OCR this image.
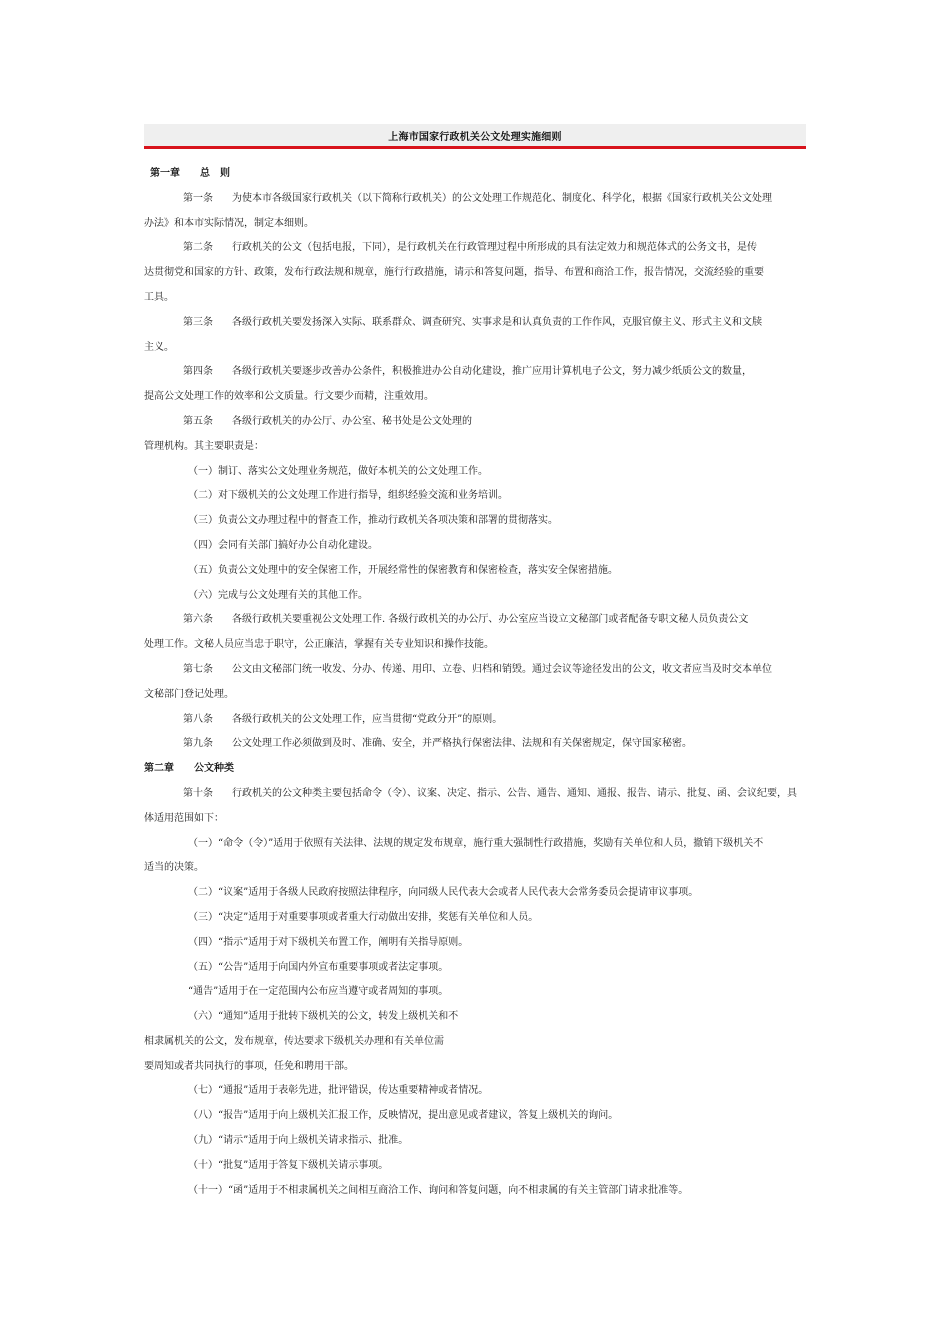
上海市国家行政机关公文处理实施细则

第一章 总　则

第一条 为使本市各级国家行政机关（以下简称行政机关）的公文处理工作规范化、制度化、科学化，根据《国家行政机关公文处理

办法》和本市实际情况，制定本细则。

第二条 行政机关的公文（包括电报，下同），是行政机关在行政管理过程中所形成的具有法定效力和规范体式的公务文书，是传

达贯彻党和国家的方针、政策，发布行政法规和规章，施行行政措施，请示和答复问题，指导、布置和商洽工作，报告情况，交流经验的重要

工具。

第三条 各级行政机关要发扬深入实际、联系群众、调查研究、实事求是和认真负责的工作作风，克服官僚主义、形式主义和文牍

主义。

第四条 各级行政机关要逐步改善办公条件，积极推进办公自动化建设，推广应用计算机电子公文，努力减少纸质公文的数量，

提高公文处理工作的效率和公文质量。行文要少而精，注重效用。

第五条 各级行政机关的办公厅、办公室、秘书处是公文处理的

管理机构。其主要职责是：

（一）制订、落实公文处理业务规范，做好本机关的公文处理工作。

（二）对下级机关的公文处理工作进行指导，组织经验交流和业务培训。

（三）负责公文办理过程中的督查工作，推动行政机关各项决策和部署的贯彻落实。

（四）会同有关部门搞好办公自动化建设。

（五）负责公文处理中的安全保密工作，开展经常性的保密教育和保密检查，落实安全保密措施。

（六）完成与公文处理有关的其他工作。

第六条 各级行政机关要重视公文处理工作. 各级行政机关的办公厅、办公室应当设立文秘部门或者配备专职文秘人员负责公文

处理工作。文秘人员应当忠于职守，公正廉洁，掌握有关专业知识和操作技能。

第七条 公文由文秘部门统一收发、分办、传递、用印、立卷、归档和销毁。通过会议等途径发出的公文，收文者应当及时交本单位

文秘部门登记处理。

第八条 各级行政机关的公文处理工作，应当贯彻“党政分开”的原则。

第九条 公文处理工作必须做到及时、准确、安全，并严格执行保密法律、法规和有关保密规定，保守国家秘密。

第二章 公文种类

第十条 行政机关的公文种类主要包括命令（令）、议案、决定、指示、公告、通告、通知、通报、报告、请示、批复、函、会议纪要，具

体适用范围如下：

（一）“命令（令）”适用于依照有关法律、法规的规定发布规章，施行重大强制性行政措施，奖励有关单位和人员，撤销下级机关不

适当的决策。

（二）“议案”适用于各级人民政府按照法律程序，向同级人民代表大会或者人民代表大会常务委员会提请审议事项。

（三）“决定”适用于对重要事项或者重大行动做出安排，奖惩有关单位和人员。

（四）“指示”适用于对下级机关布置工作，阐明有关指导原则。

（五）“公告”适用于向国内外宣布重要事项或者法定事项。

“通告”适用于在一定范围内公布应当遵守或者周知的事项。

（六）“通知”适用于批转下级机关的公文，转发上级机关和不

相隶属机关的公文，发布规章，传达要求下级机关办理和有关单位需

要周知或者共同执行的事项，任免和聘用干部。

（七）“通报”适用于表彰先进，批评错误，传达重要精神或者情况。

（八）“报告”适用于向上级机关汇报工作，反映情况，提出意见或者建议，答复上级机关的询问。

（九）“请示”适用于向上级机关请求指示、批准。

（十）“批复”适用于答复下级机关请示事项。

（十一）“函”适用于不相隶属机关之间相互商洽工作、询问和答复问题，向不相隶属的有关主管部门请求批准等。
